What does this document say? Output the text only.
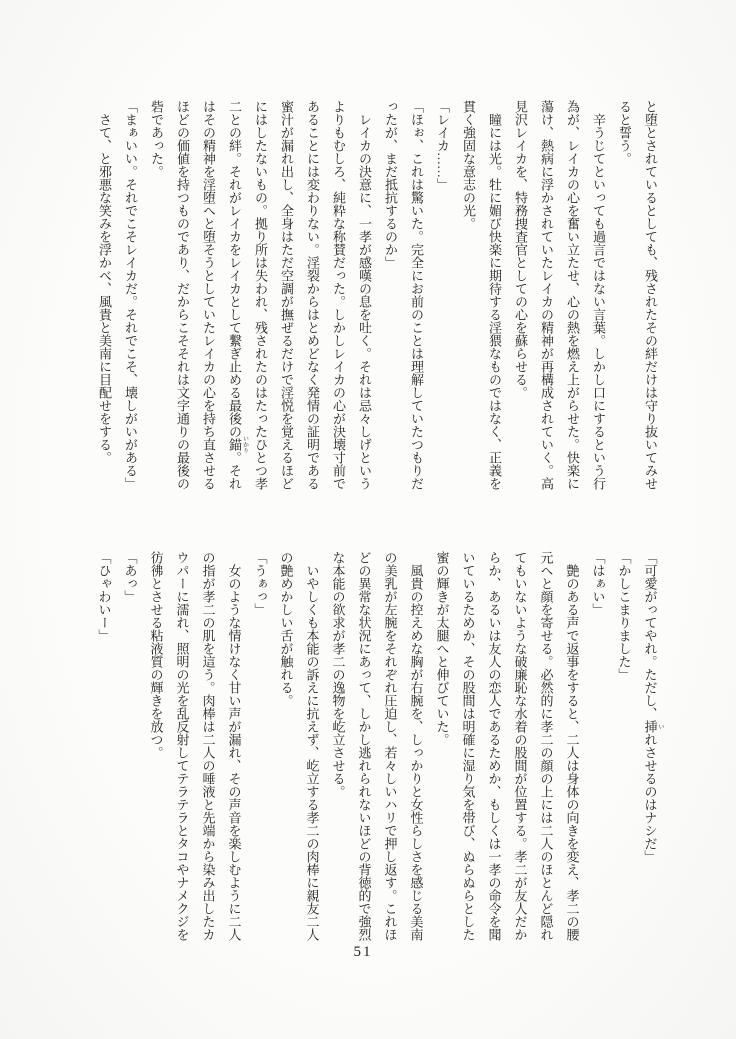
と堕とされているとしても、残されたその絆だけは守り抜いてみせると誓う。

辛うじてといっても過言ではない言葉。しかし口にするという行為が、レイカの心を奮い立たせ、心の熱を燃え上がらせた。快楽に蕩け、熱病に浮かされていたレイカの精神が再構成されていく。高見沢レイカを、特務捜査官としての心を蘇らせる。

瞳には光。牡に媚び快楽に期待する淫猥なものではなく、正義を貫く強固な意志の光。

「レイカ……」

「ほぉ、これは驚いた。完全にお前のことは理解していたつもりだったが、まだ抵抗するのか」

レイカの決意に、一孝が感嘆の息を吐く。それは忌々しげというよりもむしろ、純粋な称賛だった。しかしレイカの心が決壊寸前であることには変わりない。淫裂からはとめどなく発情の証明である蜜汁が漏れ出し、全身はただ空調が撫ぜるだけで淫悦を覚えるほどにはしたないもの。拠り所は失われ、残されたのはたったひとつ孝二との絆。それがレイカをレイカとして繋ぎ止める最後の錨 いかり。それはその精神を淫堕へと堕そうとしていたレイカの心を持ち直させるほどの価値を持つものであり、だからこそそれは文字通りの最後の砦であった。

「まぁいい。それでこそレイカだ。それでこそ、壊しがいがある」

さて、と邪悪な笑みを浮かべ、風貴と美南に目配せをする。

「可愛がってやれ。ただし、挿 いれさせるのはナシだ」

「かしこまりました」

「はぁい」

艶のある声で返事をすると、二人は身体の向きを変え、孝二の腰元へと顔を寄せる。必然的に孝二の顔の上には二人のほとんど隠れてもいないような破廉恥な水着の股間が位置する。孝二が友人だからか、あるいは友人の恋人であるためか、もしくは一孝の命令を聞いているためか、その股間は明確に湿り気を帯び、ぬらぬらとした蜜の輝きが太腿へと伸びていた。

風貴の控えめな胸が右腕を、しっかりと女性らしさを感じる美南の美乳が左腕をそれぞれ圧迫し、若々しいハリで押し返す。これほどの異常な状況にあって、しかし逃れられないほどの背徳的で強烈な本能の欲求が孝二の逸物を屹立させる。

いやしくも本能の訴えに抗えず、屹立する孝二の肉棒に親友二人の艶めかしい舌が触れる。

「うぁっ」

女のような情けなく甘い声が漏れ、その声音を楽しむように二人の指が孝二の肌を這う。肉棒は二人の唾液と先端から染み出したカウパーに濡れ、照明の光を乱反射してテラテラとタコやナメクジを彷彿とさせる粘液質の輝きを放つ。

「あっ」

「ひゃわいー」

51
